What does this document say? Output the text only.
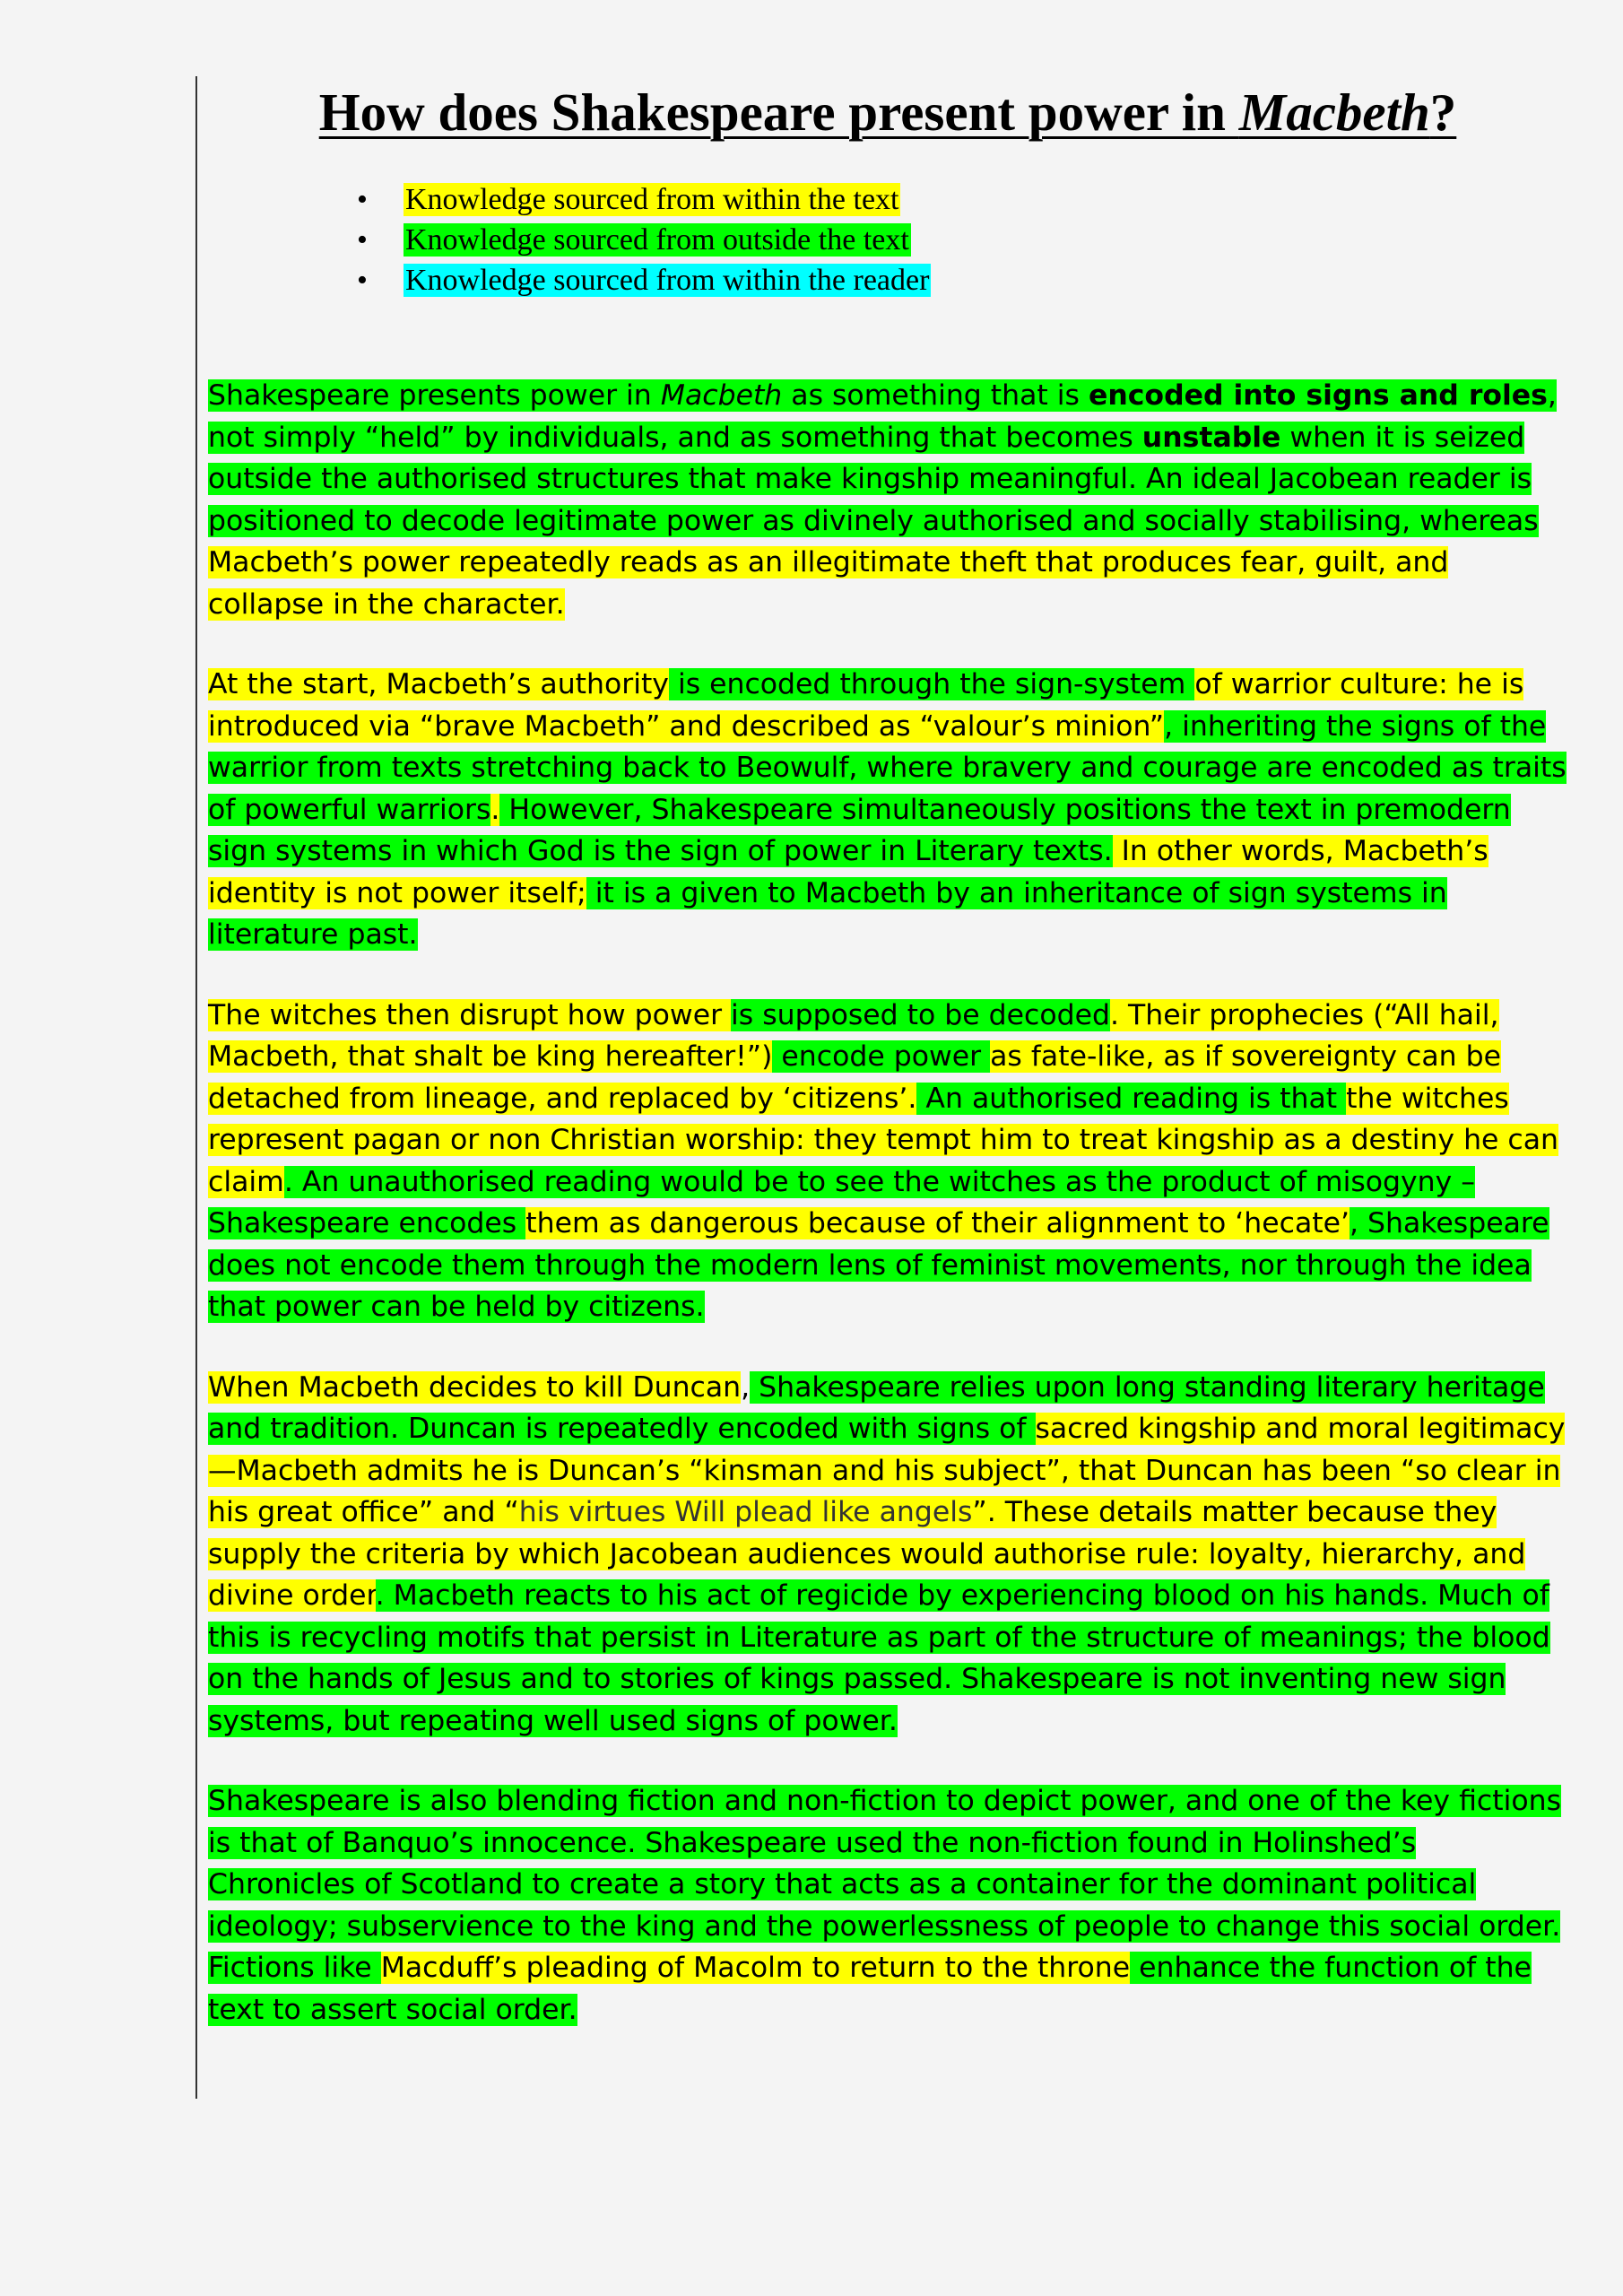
How does Shakespeare present power in Macbeth?
• Knowledge sourced from within the text
• Knowledge sourced from outside the text
• Knowledge sourced from within the reader

Shakespeare presents power in Macbeth as something that is encoded into signs and roles, not simply “held” by individuals, and as something that becomes unstable when it is seized outside the authorised structures that make kingship meaningful. An ideal Jacobean reader is positioned to decode legitimate power as divinely authorised and socially stabilising, whereas Macbeth’s power repeatedly reads as an illegitimate theft that produces fear, guilt, and collapse in the character.

At the start, Macbeth’s authority is encoded through the sign-system of warrior culture: he is introduced via “brave Macbeth” and described as “valour’s minion”, inheriting the signs of the warrior from texts stretching back to Beowulf, where bravery and courage are encoded as traits of powerful warriors. However, Shakespeare simultaneously positions the text in premodern sign systems in which God is the sign of power in Literary texts. In other words, Macbeth’s identity is not power itself; it is a given to Macbeth by an inheritance of sign systems in literature past.

The witches then disrupt how power is supposed to be decoded. Their prophecies (“All hail, Macbeth, that shalt be king hereafter!”) encode power as fate-like, as if sovereignty can be detached from lineage, and replaced by ‘citizens’. An authorised reading is that the witches represent pagan or non Christian worship: they tempt him to treat kingship as a destiny he can claim. An unauthorised reading would be to see the witches as the product of misogyny – Shakespeare encodes them as dangerous because of their alignment to ‘hecate’, Shakespeare does not encode them through the modern lens of feminist movements, nor through the idea that power can be held by citizens.

When Macbeth decides to kill Duncan, Shakespeare relies upon long standing literary heritage and tradition. Duncan is repeatedly encoded with signs of sacred kingship and moral legitimacy—Macbeth admits he is Duncan’s “kinsman and his subject”, that Duncan has been “so clear in his great office” and “his virtues Will plead like angels”. These details matter because they supply the criteria by which Jacobean audiences would authorise rule: loyalty, hierarchy, and divine order. Macbeth reacts to his act of regicide by experiencing blood on his hands. Much of this is recycling motifs that persist in Literature as part of the structure of meanings; the blood on the hands of Jesus and to stories of kings passed. Shakespeare is not inventing new sign systems, but repeating well used signs of power.

Shakespeare is also blending fiction and non-fiction to depict power, and one of the key fictions is that of Banquo’s innocence. Shakespeare used the non-fiction found in Holinshed’s Chronicles of Scotland to create a story that acts as a container for the dominant political ideology; subservience to the king and the powerlessness of people to change this social order. Fictions like Macduff’s pleading of Macolm to return to the throne enhance the function of the text to assert social order.
